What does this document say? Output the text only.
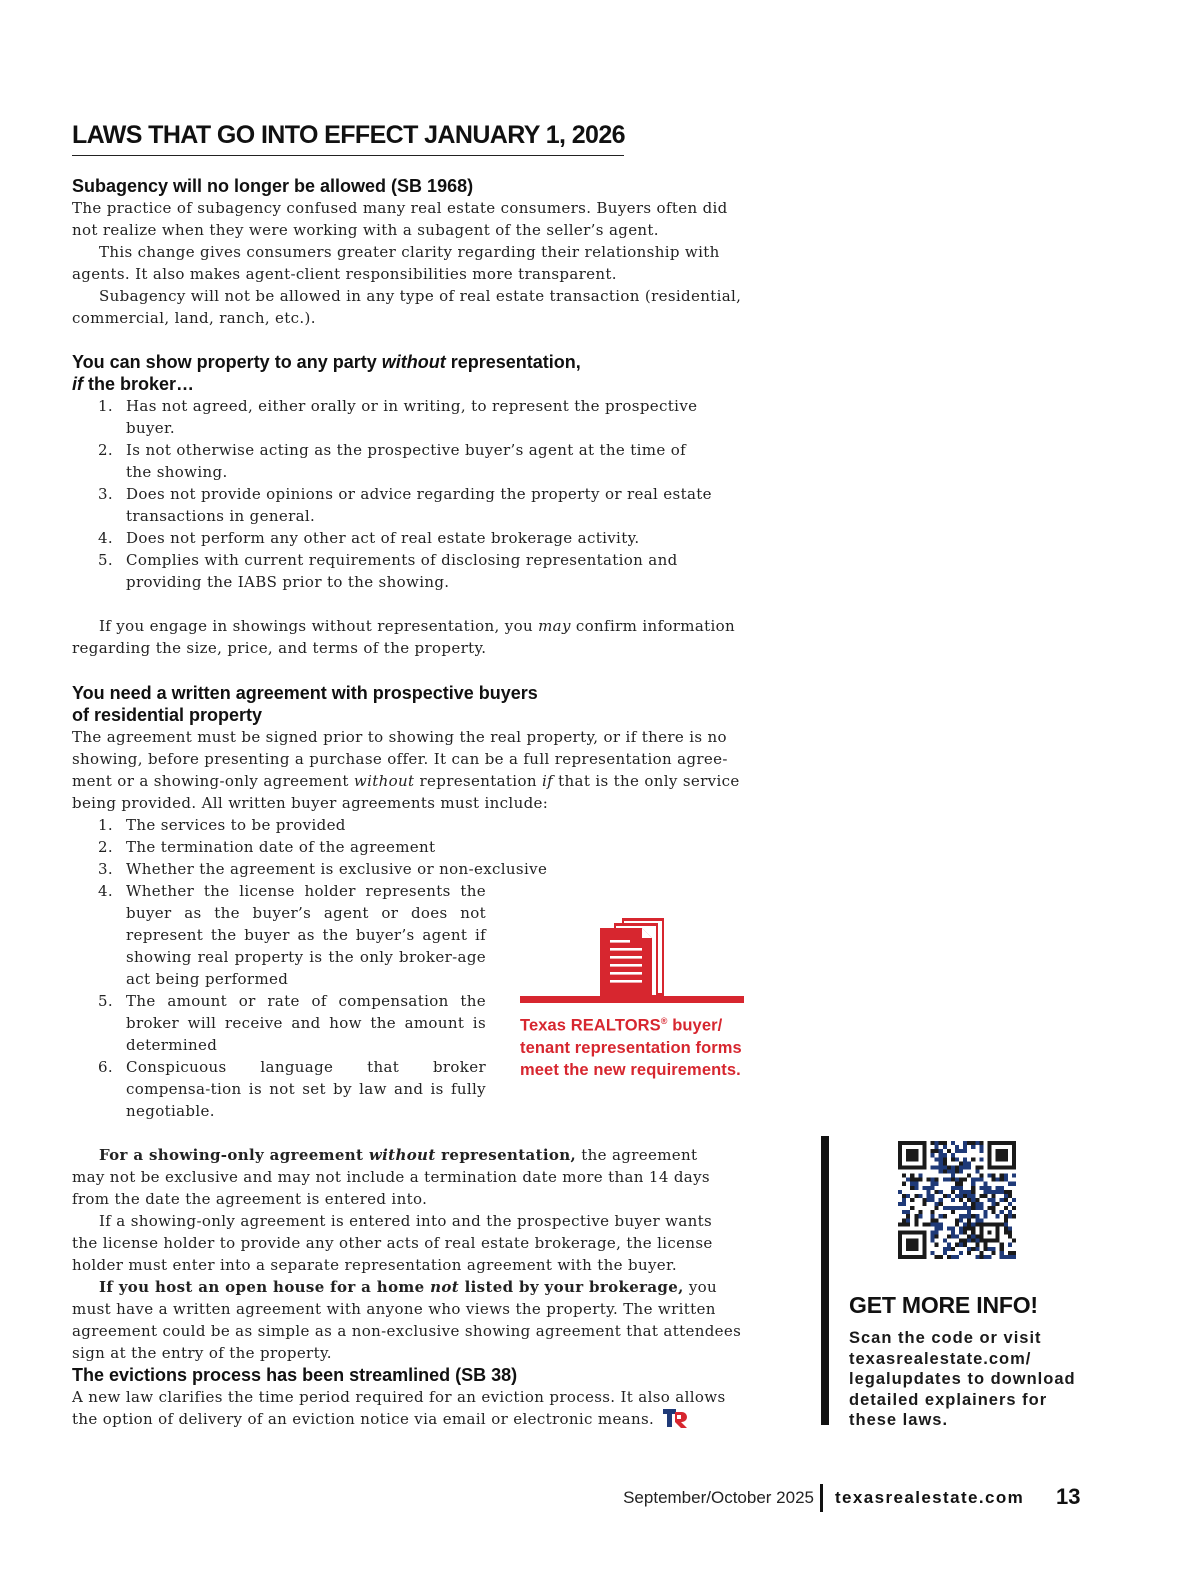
LAWS THAT GO INTO EFFECT JANUARY 1, 2026

Subagency will no longer be allowed (SB 1968)

The practice of subagency confused many real estate consumers. Buyers often did not realize when they were working with a subagent of the seller’s agent.

This change gives consumers greater clarity regarding their relationship with agents. It also makes agent-client responsibilities more transparent.

Subagency will not be allowed in any type of real estate transaction (residential, commercial, land, ranch, etc.).

You can show property to any party without representation,
if the broker…

1. Has not agreed, either orally or in writing, to represent the prospective buyer.
2. Is not otherwise acting as the prospective buyer’s agent at the time of the showing.
3. Does not provide opinions or advice regarding the property or real estate transactions in general.
4. Does not perform any other act of real estate brokerage activity.
5. Complies with current requirements of disclosing representation and providing the IABS prior to the showing.

If you engage in showings without representation, you may confirm information regarding the size, price, and terms of the property.

You need a written agreement with prospective buyers
of residential property

The agreement must be signed prior to showing the real property, or if there is no showing, before presenting a purchase offer. It can be a full representation agree-ment or a showing-only agreement without representation if that is the only service being provided. All written buyer agreements must include:

1. The services to be provided
2. The termination date of the agreement
3. Whether the agreement is exclusive or non-exclusive
4. Whether the license holder represents the buyer as the buyer’s agent or does not represent the buyer as the buyer’s agent if showing real property is the only broker-age act being performed
5. The amount or rate of compensation the broker will receive and how the amount is determined
6. Conspicuous language that broker compensa-tion is not set by law and is fully negotiable.

For a showing-only agreement without representation, the agreement may not be exclusive and may not include a termination date more than 14 days from the date the agreement is entered into.

If a showing-only agreement is entered into and the prospective buyer wants the license holder to provide any other acts of real estate brokerage, the license holder must enter into a separate representation agreement with the buyer.

If you host an open house for a home not listed by your brokerage, you must have a written agreement with anyone who views the property. The written agreement could be as simple as a non-exclusive showing agreement that attendees sign at the entry of the property.

The evictions process has been streamlined (SB 38)

A new law clarifies the time period required for an eviction process. It also allows the option of delivery of an eviction notice via email or electronic means.

Texas REALTORS® buyer/
tenant representation forms
meet the new requirements.
GET MORE INFO!
Scan the code or visit texasrealestate.com/ legalupdates to download detailed explainers for these laws.
September/October 2025 texasrealestate.com 13
